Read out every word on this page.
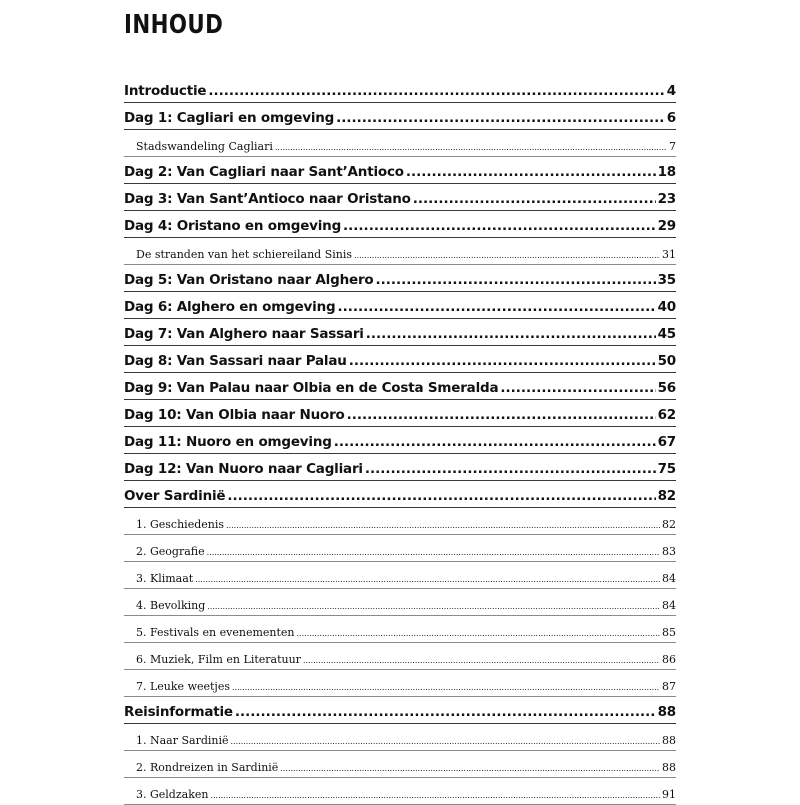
INHOUD
Introductie .....	4
Dag 1: Cagliari en omgeving .....	6
Stadswandeling Cagliari .....	7
Dag 2: Van Cagliari naar Sant’Antioco .....	18
Dag 3: Van Sant’Antioco naar Oristano .....	23
Dag 4: Oristano en omgeving .....	29
De stranden van het schiereiland Sinis .....	31
Dag 5: Van Oristano naar Alghero .....	35
Dag 6: Alghero en omgeving .....	40
Dag 7: Van Alghero naar Sassari .....	45
Dag 8: Van Sassari naar Palau .....	50
Dag 9: Van Palau naar Olbia en de Costa Smeralda .....	56
Dag 10: Van Olbia naar Nuoro .....	62
Dag 11: Nuoro en omgeving .....	67
Dag 12: Van Nuoro naar Cagliari .....	75
Over Sardinië .....	82
1. Geschiedenis .....	82
2. Geografie .....	83
3. Klimaat .....	84
4. Bevolking .....	84
5. Festivals en evenementen .....	85
6. Muziek, Film en Literatuur .....	86
7. Leuke weetjes .....	87
Reisinformatie .....	88
1. Naar Sardinië .....	88
2. Rondreizen in Sardinië .....	88
3. Geldzaken .....	91
